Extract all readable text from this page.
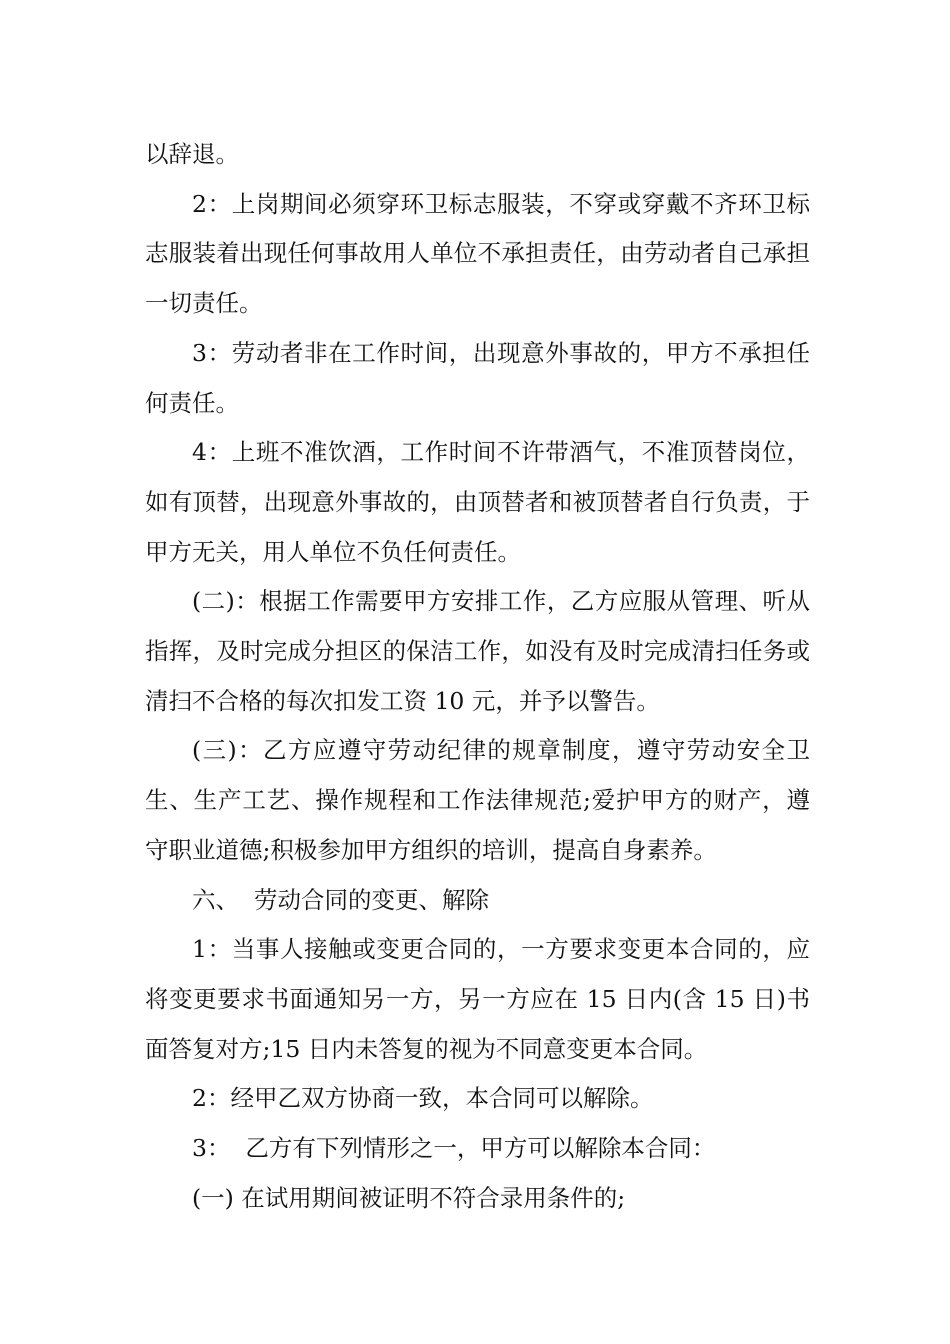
以辞退。

2：上岗期间必须穿环卫标志服装，不穿或穿戴不齐环卫标志服装着出现任何事故用人单位不承担责任，由劳动者自己承担一切责任。

3：劳动者非在工作时间，出现意外事故的，甲方不承担任何责任。

4：上班不准饮酒，工作时间不许带酒气，不准顶替岗位，如有顶替，出现意外事故的，由顶替者和被顶替者自行负责，于甲方无关，用人单位不负任何责任。

(二)：根据工作需要甲方安排工作，乙方应服从管理、听从指挥，及时完成分担区的保洁工作，如没有及时完成清扫任务或清扫不合格的每次扣发工资 10 元，并予以警告。

(三)：乙方应遵守劳动纪律的规章制度，遵守劳动安全卫生、生产工艺、操作规程和工作法律规范;爱护甲方的财产，遵守职业道德;积极参加甲方组织的培训，提高自身素养。

六、  劳动合同的变更、解除

1：当事人接触或变更合同的，一方要求变更本合同的，应将变更要求书面通知另一方，另一方应在 15 日内(含 15 日)书面答复对方;15 日内未答复的视为不同意变更本合同。

2：经甲乙双方协商一致，本合同可以解除。

3：  乙方有下列情形之一，甲方可以解除本合同：

(一) 在试用期间被证明不符合录用条件的;
